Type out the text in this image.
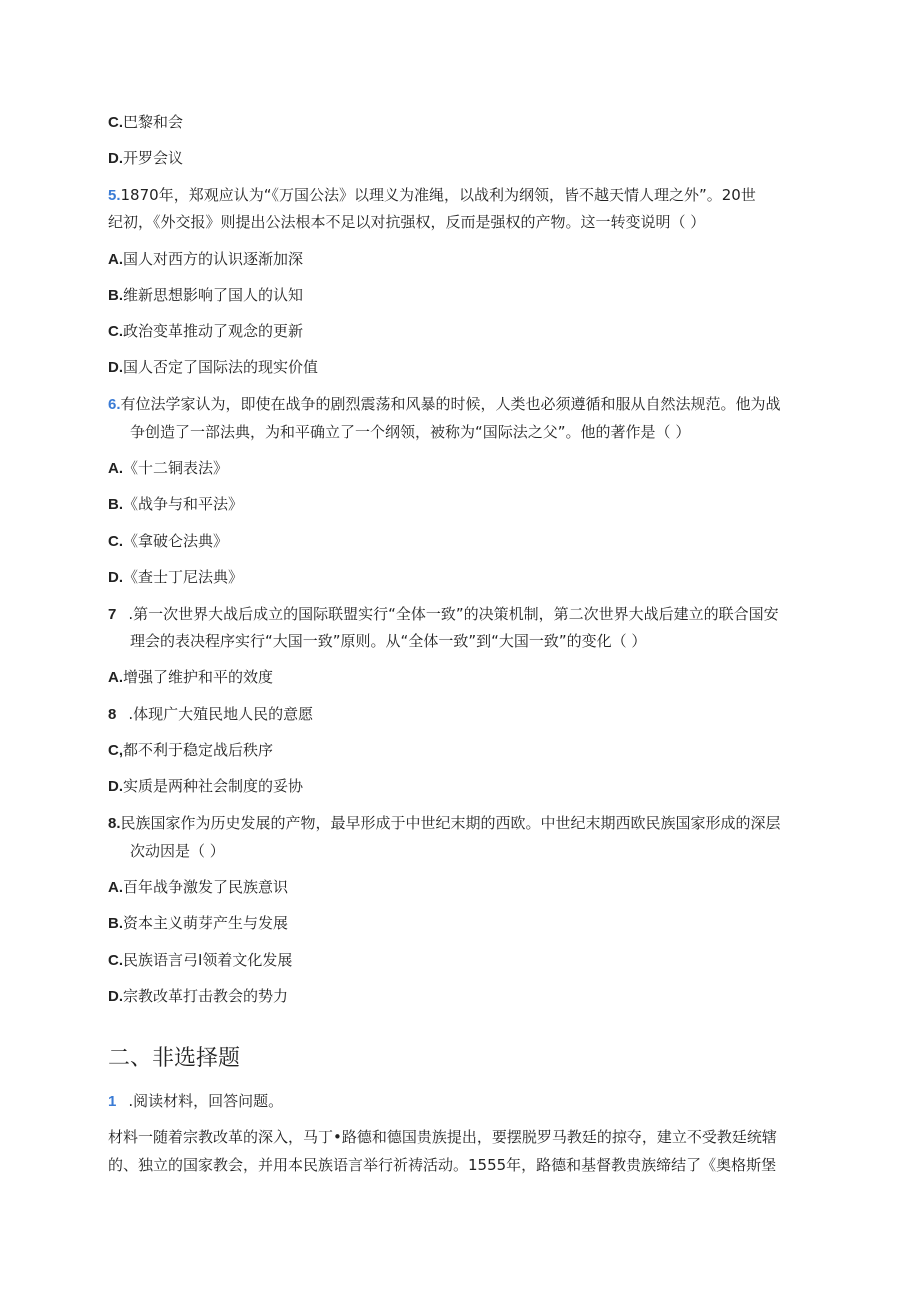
C.巴黎和会
D.开罗会议
5.1870年，郑观应认为“《万国公法》以理义为准绳，以战利为纲领，皆不越天情人理之外”。20世
纪初，《外交报》则提出公法根本不足以对抗强权，反而是强权的产物。这一转变说明（ ）
A.国人对西方的认识逐渐加深
B.维新思想影响了国人的认知
C.政治变革推动了观念的更新
D.国人否定了国际法的现实价值
6.有位法学家认为，即使在战争的剧烈震荡和风暴的时候，人类也必须遵循和服从自然法规范。他为战
争创造了一部法典，为和平确立了一个纲领，被称为“国际法之父”。他的著作是（ ）
A.《十二铜表法》
B.《战争与和平法》
C.《拿破仑法典》
D.《查士丁尼法典》
7 .第一次世界大战后成立的国际联盟实行“全体一致”的决策机制，第二次世界大战后建立的联合国安
理会的表决程序实行“大国一致”原则。从“全体一致”到“大国一致”的变化（ ）
A.增强了维护和平的效度
8 .体现广大殖民地人民的意愿
C,都不利于稳定战后秩序
D.实质是两种社会制度的妥协
8.民族国家作为历史发展的产物，最早形成于中世纪末期的西欧。中世纪末期西欧民族国家形成的深层
次动因是（ ）
A.百年战争激发了民族意识
B.资本主义萌芽产生与发展
C.民族语言弓I领着文化发展
D.宗教改革打击教会的势力
二、非选择题
1 .阅读材料，回答问题。
材料一随着宗教改革的深入，马丁•路德和德国贵族提出，要摆脱罗马教廷的掠夺，建立不受教廷统辖
的、独立的国家教会，并用本民族语言举行祈祷活动。1555年，路德和基督教贵族缔结了《奥格斯堡
